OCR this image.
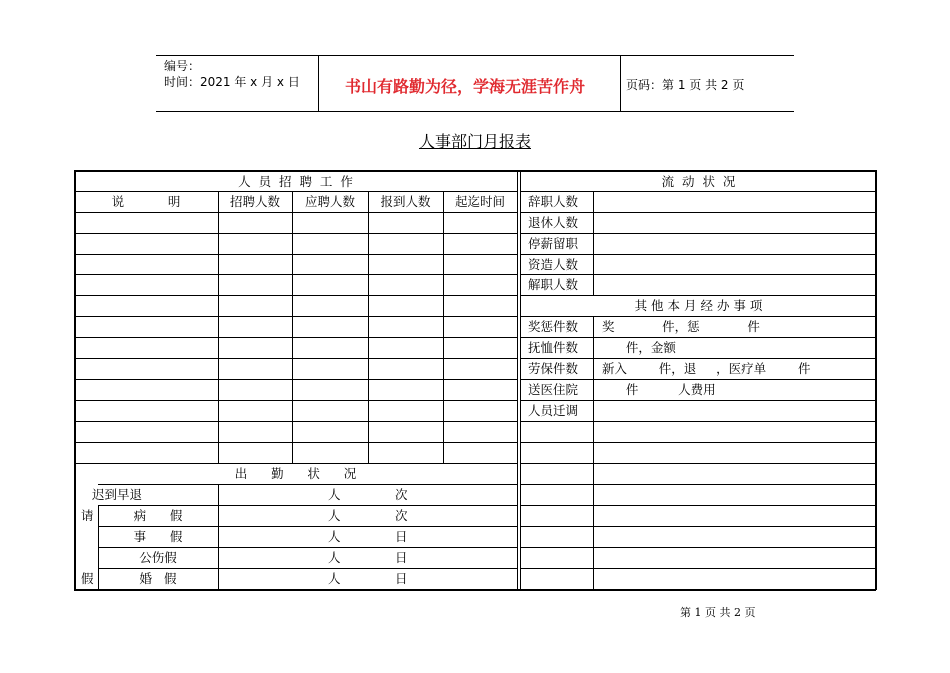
编号：
时间：2021 年 x 月 x 日	书山有路勤为径，学海无涯苦作舟	页码：第 1 页 共 2 页
人事部门月报表
人  员  招  聘  工  作
说           明	招聘人数	应聘人数	报到人数	起迄时间
出      勤      状      况
迟到早退	人	次
请
假
病      假	人	次
事      假	人	日
公伤假	人	日
婚   假	人	日
流  动  状  况
辞职人数
退休人数
停薪留职
资造人数
解职人数
其 他 本 月 经 办 事 项
奖惩件数 奖            件，惩            件
抚恤件数 件，金额
劳保件数 新入        件，退     ，医疗单        件
送医住院 件          人费用
人员迁调
第 1 页 共 2 页
